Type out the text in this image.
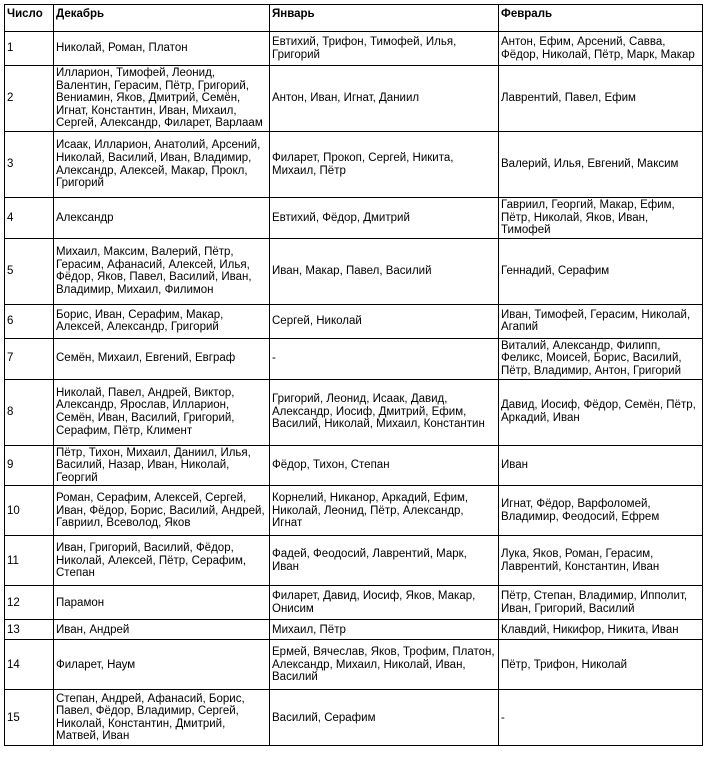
Число	Декабрь	Январь	Февраль
1	Николай, Роман, Платон	Евтихий, Трифон, Тимофей, Илья, Григорий	Антон, Ефим, Арсений, Савва, Фёдор, Николай, Пётр, Марк, Макар
2	Илларион, Тимофей, Леонид, Валентин, Герасим, Пётр, Григорий, Вениамин, Яков, Дмитрий, Семён, Игнат, Константин, Иван, Михаил, Сергей, Александр, Филарет, Варлаам	Антон, Иван, Игнат, Даниил	Лаврентий, Павел, Ефим
3	Исаак, Илларион, Анатолий, Арсений, Николай, Василий, Иван, Владимир, Александр, Алексей, Макар, Прокл, Григорий	Филарет, Прокоп, Сергей, Никита, Михаил, Пётр	Валерий, Илья, Евгений, Максим
4	Александр	Евтихий, Фёдор, Дмитрий	Гавриил, Георгий, Макар, Ефим, Пётр, Николай, Яков, Иван, Тимофей
5	Михаил, Максим, Валерий, Пётр, Герасим, Афанасий, Алексей, Илья, Фёдор, Яков, Павел, Василий, Иван, Владимир, Михаил, Филимон	Иван, Макар, Павел, Василий	Геннадий, Серафим
6	Борис, Иван, Серафим, Макар, Алексей, Александр, Григорий	Сергей, Николай	Иван, Тимофей, Герасим, Николай, Агапий
7	Семён, Михаил, Евгений, Евграф	-	Виталий, Александр, Филипп, Феликс, Моисей, Борис, Василий, Пётр, Владимир, Антон, Григорий
8	Николай, Павел, Андрей, Виктор, Александр, Ярослав, Илларион, Семён, Иван, Василий, Григорий, Серафим, Пётр, Климент	Григорий, Леонид, Исаак, Давид, Александр, Иосиф, Дмитрий, Ефим, Василий, Николай, Михаил, Константин	Давид, Иосиф, Фёдор, Семён, Пётр, Аркадий, Иван
9	Пётр, Тихон, Михаил, Даниил, Илья, Василий, Назар, Иван, Николай, Георгий	Фёдор, Тихон, Степан	Иван
10	Роман, Серафим, Алексей, Сергей, Иван, Фёдор, Борис, Василий, Андрей, Гавриил, Всеволод, Яков	Корнелий, Никанор, Аркадий, Ефим, Николай, Леонид, Пётр, Александр, Игнат	Игнат, Фёдор, Варфоломей, Владимир, Феодосий, Ефрем
11	Иван, Григорий, Василий, Фёдор, Николай, Алексей, Пётр, Серафим, Степан	Фадей, Феодосий, Лаврентий, Марк, Иван	Лука, Яков, Роман, Герасим, Лаврентий, Константин, Иван
12	Парамон	Филарет, Давид, Иосиф, Яков, Макар, Онисим	Пётр, Степан, Владимир, Ипполит, Иван, Григорий, Василий
13	Иван, Андрей	Михаил, Пётр	Клавдий, Никифор, Никита, Иван
14	Филарет, Наум	Ермей, Вячеслав, Яков, Трофим, Платон, Александр, Михаил, Николай, Иван, Василий	Пётр, Трифон, Николай
15	Степан, Андрей, Афанасий, Борис, Павел, Фёдор, Владимир, Сергей, Николай, Константин, Дмитрий, Матвей, Иван	Василий, Серафим	-
